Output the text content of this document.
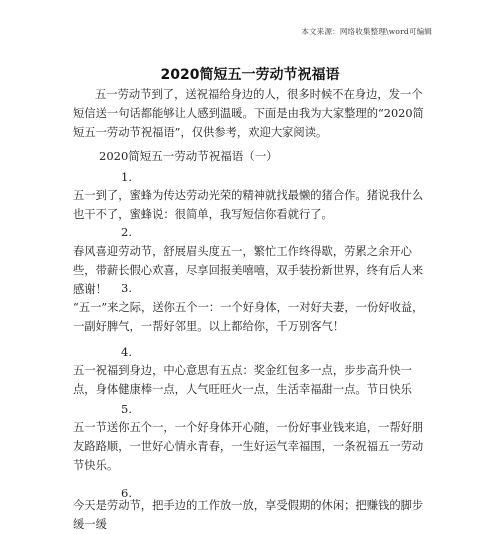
本文来源：网络收集整理\word可编辑
2020简短五一劳动节祝福语
五一劳动节到了，送祝福给身边的人，很多时候不在身边，发一个短信送一句话都能够让人感到温暖。下面是由我为大家整理的“2020简短五一劳动节祝福语”，仅供参考，欢迎大家阅读。
2020简短五一劳动节祝福语（一）
1.
五一到了，蜜蜂为传达劳动光荣的精神就找最懒的猪合作。猪说我什么也干不了，蜜蜂说：很简单，我写短信你看就行了。
2.
春风喜迎劳动节，舒展眉头度五一，繁忙工作终得歇，劳累之余开心些，带薪长假心欢喜，尽享回报美嘻嘻，双手装扮新世界，终有后人来感谢！	3.
“五一”来之际，送你五个一：一个好身体，一对好夫妻，一份好收益，一副好脾气，一帮好邻里。以上都给你，千万别客气！
4.
五一祝福到身边，中心意思有五点：奖金红包多一点，步步高升快一点，身体健康棒一点，人气旺旺火一点，生活幸福甜一点。节日快乐
5.
五一节送你五个一，一个好身体开心随，一份好事业钱来追，一帮好朋友路路顺，一世好心情永青春，一生好运气幸福围，一条祝福五一劳动节快乐。
6.
今天是劳动节，把手边的工作放一放，享受假期的休闲；把赚钱的脚步缓一缓
